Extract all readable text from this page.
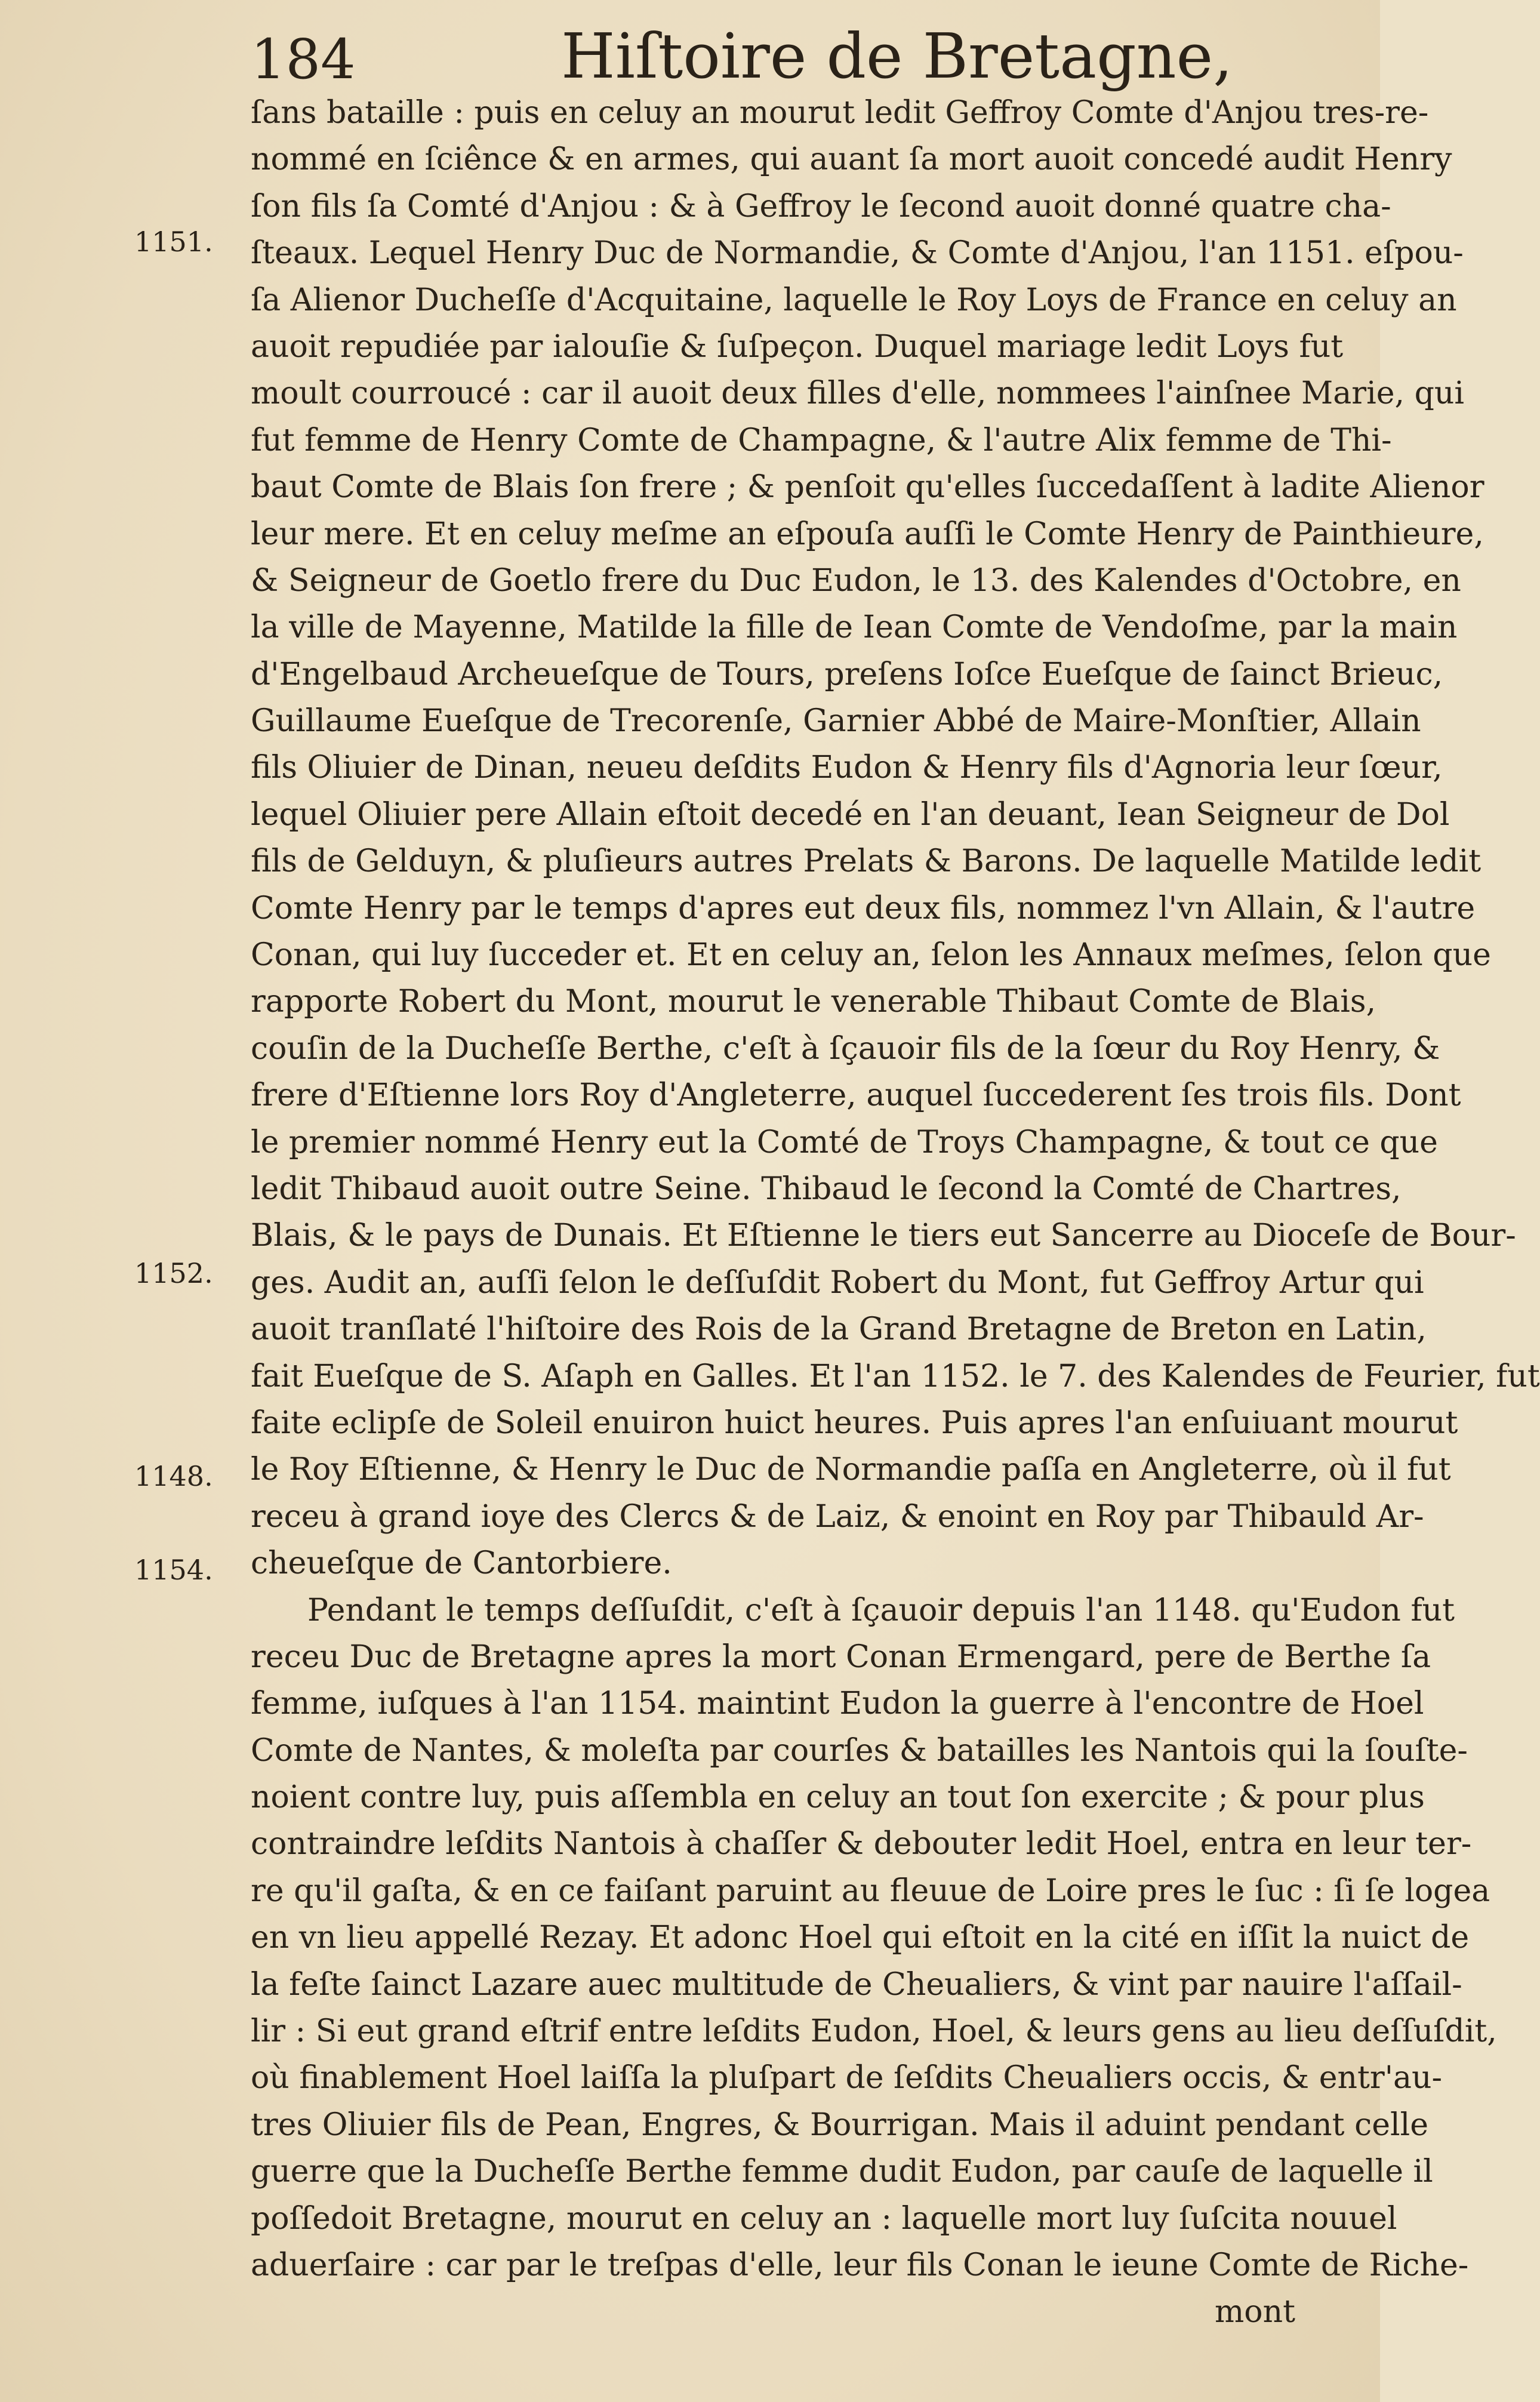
184	Hiſtoire de Bretagne,
1151.
1152.
1148.
1154.
ſans bataille : puis en celuy an mourut ledit Geffroy Comte d'Anjou tres-re-
nommé en ſciênce & en armes, qui auant ſa mort auoit concedé audit Henry
ſon fils ſa Comté d'Anjou : & à Geffroy le ſecond auoit donné quatre cha-
ſteaux. Lequel Henry Duc de Normandie, & Comte d'Anjou, l'an 1151. eſpou-
ſa Alienor Ducheſſe d'Acquitaine, laquelle le Roy Loys de France en celuy an
auoit repudiée par ialouſie & ſuſpeçon. Duquel mariage ledit Loys fut
moult courroucé : car il auoit deux filles d'elle, nommees l'ainſnee Marie, qui
fut femme de Henry Comte de Champagne, & l'autre Alix femme de Thi-
baut Comte de Blais ſon frere ; & penſoit qu'elles ſuccedaſſent à ladite Alienor
leur mere. Et en celuy meſme an eſpouſa auſſi le Comte Henry de Painthieure,
& Seigneur de Goetlo frere du Duc Eudon, le 13. des Kalendes d'Octobre, en
la ville de Mayenne, Matilde la fille de Iean Comte de Vendoſme, par la main
d'Engelbaud Archeueſque de Tours, preſens Ioſce Eueſque de ſainct Brieuc,
Guillaume Eueſque de Trecorenſe, Garnier Abbé de Maire-Monſtier, Allain
fils Oliuier de Dinan, neueu deſdits Eudon & Henry fils d'Agnoria leur ſœur,
lequel Oliuier pere Allain eſtoit decedé en l'an deuant, Iean Seigneur de Dol
fils de Gelduyn, & pluſieurs autres Prelats & Barons. De laquelle Matilde ledit
Comte Henry par le temps d'apres eut deux fils, nommez l'vn Allain, & l'autre
Conan, qui luy ſucceder et. Et en celuy an, ſelon les Annaux meſmes, ſelon que
rapporte Robert du Mont, mourut le venerable Thibaut Comte de Blais,
couſin de la Ducheſſe Berthe, c'eſt à ſçauoir fils de la ſœur du Roy Henry, &
frere d'Eſtienne lors Roy d'Angleterre, auquel ſuccederent ſes trois fils. Dont
le premier nommé Henry eut la Comté de Troys Champagne, & tout ce que
ledit Thibaud auoit outre Seine. Thibaud le ſecond la Comté de Chartres,
Blais, & le pays de Dunais. Et Eſtienne le tiers eut Sancerre au Dioceſe de Bour-
ges. Audit an, auſſi ſelon le deſſuſdit Robert du Mont, fut Geffroy Artur qui
auoit tranſlaté l'hiſtoire des Rois de la Grand Bretagne de Breton en Latin,
fait Eueſque de S. Aſaph en Galles. Et l'an 1152. le 7. des Kalendes de Feurier, fut
faite eclipſe de Soleil enuiron huict heures. Puis apres l'an enſuiuant mourut
le Roy Eſtienne, & Henry le Duc de Normandie paſſa en Angleterre, où il fut
receu à grand ioye des Clercs & de Laiz, & enoint en Roy par Thibauld Ar-
cheueſque de Cantorbiere.
Pendant le temps deſſuſdit, c'eſt à ſçauoir depuis l'an 1148. qu'Eudon fut
receu Duc de Bretagne apres la mort Conan Ermengard, pere de Berthe ſa
femme, iuſques à l'an 1154. maintint Eudon la guerre à l'encontre de Hoel
Comte de Nantes, & moleſta par courſes & batailles les Nantois qui la ſouſte-
noient contre luy, puis aſſembla en celuy an tout ſon exercite ; & pour plus
contraindre leſdits Nantois à chaſſer & debouter ledit Hoel, entra en leur ter-
re qu'il gaſta, & en ce faiſant paruint au fleuue de Loire pres le ſuc : ſi ſe logea
en vn lieu appellé Rezay. Et adonc Hoel qui eſtoit en la cité en iſſit la nuict de
la feſte ſainct Lazare auec multitude de Cheualiers, & vint par nauire l'aſſail-
lir : Si eut grand eſtrif entre leſdits Eudon, Hoel, & leurs gens au lieu deſſuſdit,
où finablement Hoel laiſſa la pluſpart de ſeſdits Cheualiers occis, & entr'au-
tres Oliuier fils de Pean, Engres, & Bourrigan. Mais il aduint pendant celle
guerre que la Ducheſſe Berthe femme dudit Eudon, par cauſe de laquelle il
poſſedoit Bretagne, mourut en celuy an : laquelle mort luy ſuſcita nouuel
aduerſaire : car par le treſpas d'elle, leur fils Conan le ieune Comte de Riche-
mont
